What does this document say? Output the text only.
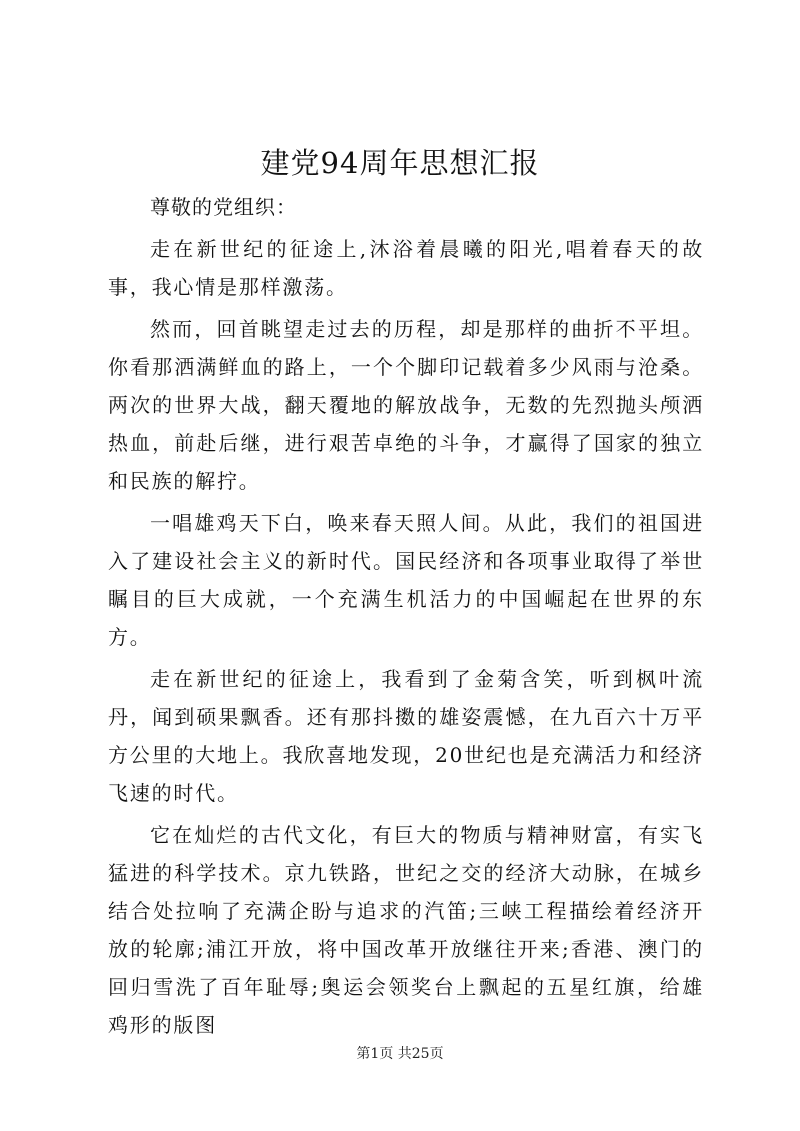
建党94周年思想汇报

尊敬的党组织：

走在新世纪的征途上,沐浴着晨曦的阳光,唱着春天的故事，我心情是那样激荡。

然而，回首眺望走过去的历程，却是那样的曲折不平坦。你看那洒满鲜血的路上，一个个脚印记载着多少风雨与沧桑。两次的世界大战，翻天覆地的解放战争，无数的先烈抛头颅洒热血，前赴后继，进行艰苦卓绝的斗争，才赢得了国家的独立和民族的解拧。

一唱雄鸡天下白，唤来春天照人间。从此，我们的祖国进入了建设社会主义的新时代。国民经济和各项事业取得了举世瞩目的巨大成就，一个充满生机活力的中国崛起在世界的东方。

走在新世纪的征途上，我看到了金菊含笑，听到枫叶流丹，闻到硕果飘香。还有那抖擞的雄姿震憾，在九百六十万平方公里的大地上。我欣喜地发现，20世纪也是充满活力和经济飞速的时代。

它在灿烂的古代文化，有巨大的物质与精神财富，有实飞猛进的科学技术。京九铁路，世纪之交的经济大动脉，在城乡结合处拉响了充满企盼与追求的汽笛;三峡工程描绘着经济开放的轮廓;浦江开放，将中国改革开放继往开来;香港、澳门的回归雪洗了百年耻辱;奥运会领奖台上飘起的五星红旗，给雄鸡形的版图

第1页 共25页
